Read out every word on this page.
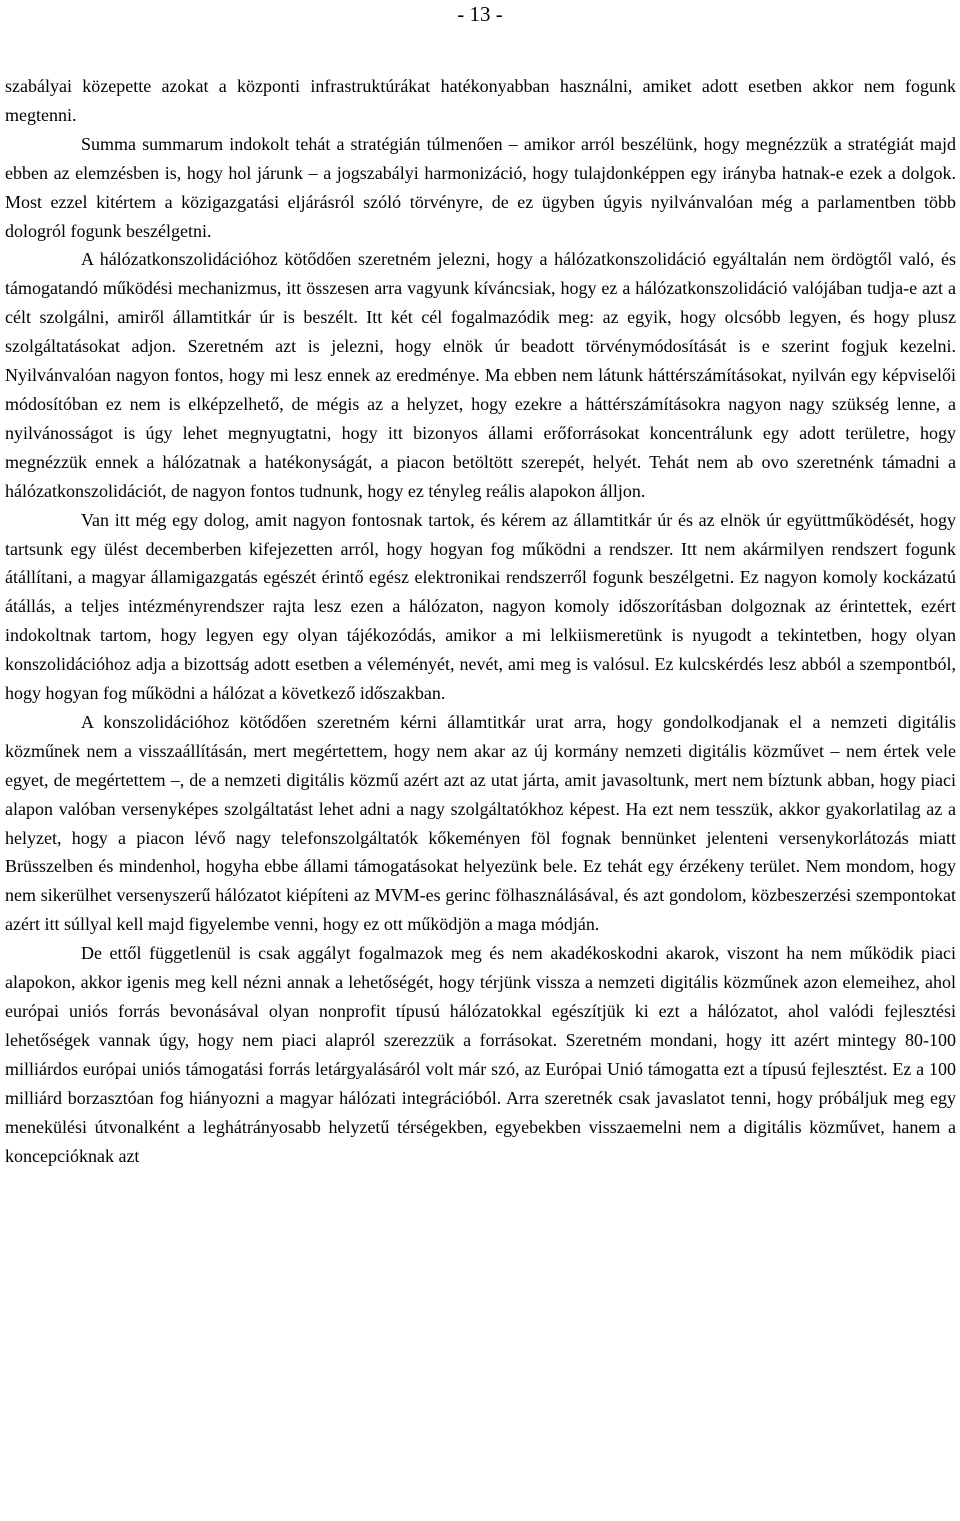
- 13 -

szabályai közepette azokat a központi infrastruktúrákat hatékonyabban használni, amiket adott esetben akkor nem fogunk megtenni.

Summa summarum indokolt tehát a stratégián túlmenően – amikor arról beszélünk, hogy megnézzük a stratégiát majd ebben az elemzésben is, hogy hol járunk – a jogszabályi harmonizáció, hogy tulajdonképpen egy irányba hatnak-e ezek a dolgok. Most ezzel kitértem a közigazgatási eljárásról szóló törvényre, de ez ügyben úgyis nyilvánvalóan még a parlamentben több dologról fogunk beszélgetni.

A hálózatkonszolidációhoz kötődően szeretném jelezni, hogy a hálózatkonszolidáció egyáltalán nem ördögtől való, és támogatandó működési mechanizmus, itt összesen arra vagyunk kíváncsiak, hogy ez a hálózatkonszolidáció valójában tudja-e azt a célt szolgálni, amiről államtitkár úr is beszélt. Itt két cél fogalmazódik meg: az egyik, hogy olcsóbb legyen, és hogy plusz szolgáltatásokat adjon. Szeretném azt is jelezni, hogy elnök úr beadott törvénymódosítását is e szerint fogjuk kezelni. Nyilvánvalóan nagyon fontos, hogy mi lesz ennek az eredménye. Ma ebben nem látunk háttérszámításokat, nyilván egy képviselői módosítóban ez nem is elképzelhető, de mégis az a helyzet, hogy ezekre a háttérszámításokra nagyon nagy szükség lenne, a nyilvánosságot is úgy lehet megnyugtatni, hogy itt bizonyos állami erőforrásokat koncentrálunk egy adott területre, hogy megnézzük ennek a hálózatnak a hatékonyságát, a piacon betöltött szerepét, helyét. Tehát nem ab ovo szeretnénk támadni a hálózatkonszolidációt, de nagyon fontos tudnunk, hogy ez tényleg reális alapokon álljon.

Van itt még egy dolog, amit nagyon fontosnak tartok, és kérem az államtitkár úr és az elnök úr együttműködését, hogy tartsunk egy ülést decemberben kifejezetten arról, hogy hogyan fog működni a rendszer. Itt nem akármilyen rendszert fogunk átállítani, a magyar államigazgatás egészét érintő egész elektronikai rendszerről fogunk beszélgetni. Ez nagyon komoly kockázatú átállás, a teljes intézményrendszer rajta lesz ezen a hálózaton, nagyon komoly időszorításban dolgoznak az érintettek, ezért indokoltnak tartom, hogy legyen egy olyan tájékozódás, amikor a mi lelkiismeretünk is nyugodt a tekintetben, hogy olyan konszolidációhoz adja a bizottság adott esetben a véleményét, nevét, ami meg is valósul. Ez kulcskérdés lesz abból a szempontból, hogy hogyan fog működni a hálózat a következő időszakban.

A konszolidációhoz kötődően szeretném kérni államtitkár urat arra, hogy gondolkodjanak el a nemzeti digitális közműnek nem a visszaállításán, mert megértettem, hogy nem akar az új kormány nemzeti digitális közművet – nem értek vele egyet, de megértettem –, de a nemzeti digitális közmű azért azt az utat járta, amit javasoltunk, mert nem bíztunk abban, hogy piaci alapon valóban versenyképes szolgáltatást lehet adni a nagy szolgáltatókhoz képest. Ha ezt nem tesszük, akkor gyakorlatilag az a helyzet, hogy a piacon lévő nagy telefonszolgáltatók kőkeményen föl fognak bennünket jelenteni versenykorlátozás miatt Brüsszelben és mindenhol, hogyha ebbe állami támogatásokat helyezünk bele. Ez tehát egy érzékeny terület. Nem mondom, hogy nem sikerülhet versenyszerű hálózatot kiépíteni az MVM-es gerinc fölhasználásával, és azt gondolom, közbeszerzési szempontokat azért itt súllyal kell majd figyelembe venni, hogy ez ott működjön a maga módján.

De ettől függetlenül is csak aggályt fogalmazok meg és nem akadékoskodni akarok, viszont ha nem működik piaci alapokon, akkor igenis meg kell nézni annak a lehetőségét, hogy térjünk vissza a nemzeti digitális közműnek azon elemeihez, ahol európai uniós forrás bevonásával olyan nonprofit típusú hálózatokkal egészítjük ki ezt a hálózatot, ahol valódi fejlesztési lehetőségek vannak úgy, hogy nem piaci alapról szerezzük a forrásokat. Szeretném mondani, hogy itt azért mintegy 80-100 milliárdos európai uniós támogatási forrás letárgyalásáról volt már szó, az Európai Unió támogatta ezt a típusú fejlesztést. Ez a 100 milliárd borzasztóan fog hiányozni a magyar hálózati integrációból. Arra szeretnék csak javaslatot tenni, hogy próbáljuk meg egy menekülési útvonalként a leghátrányosabb helyzetű térségekben, egyebekben visszaemelni nem a digitális közművet, hanem a koncepcióknak azt
